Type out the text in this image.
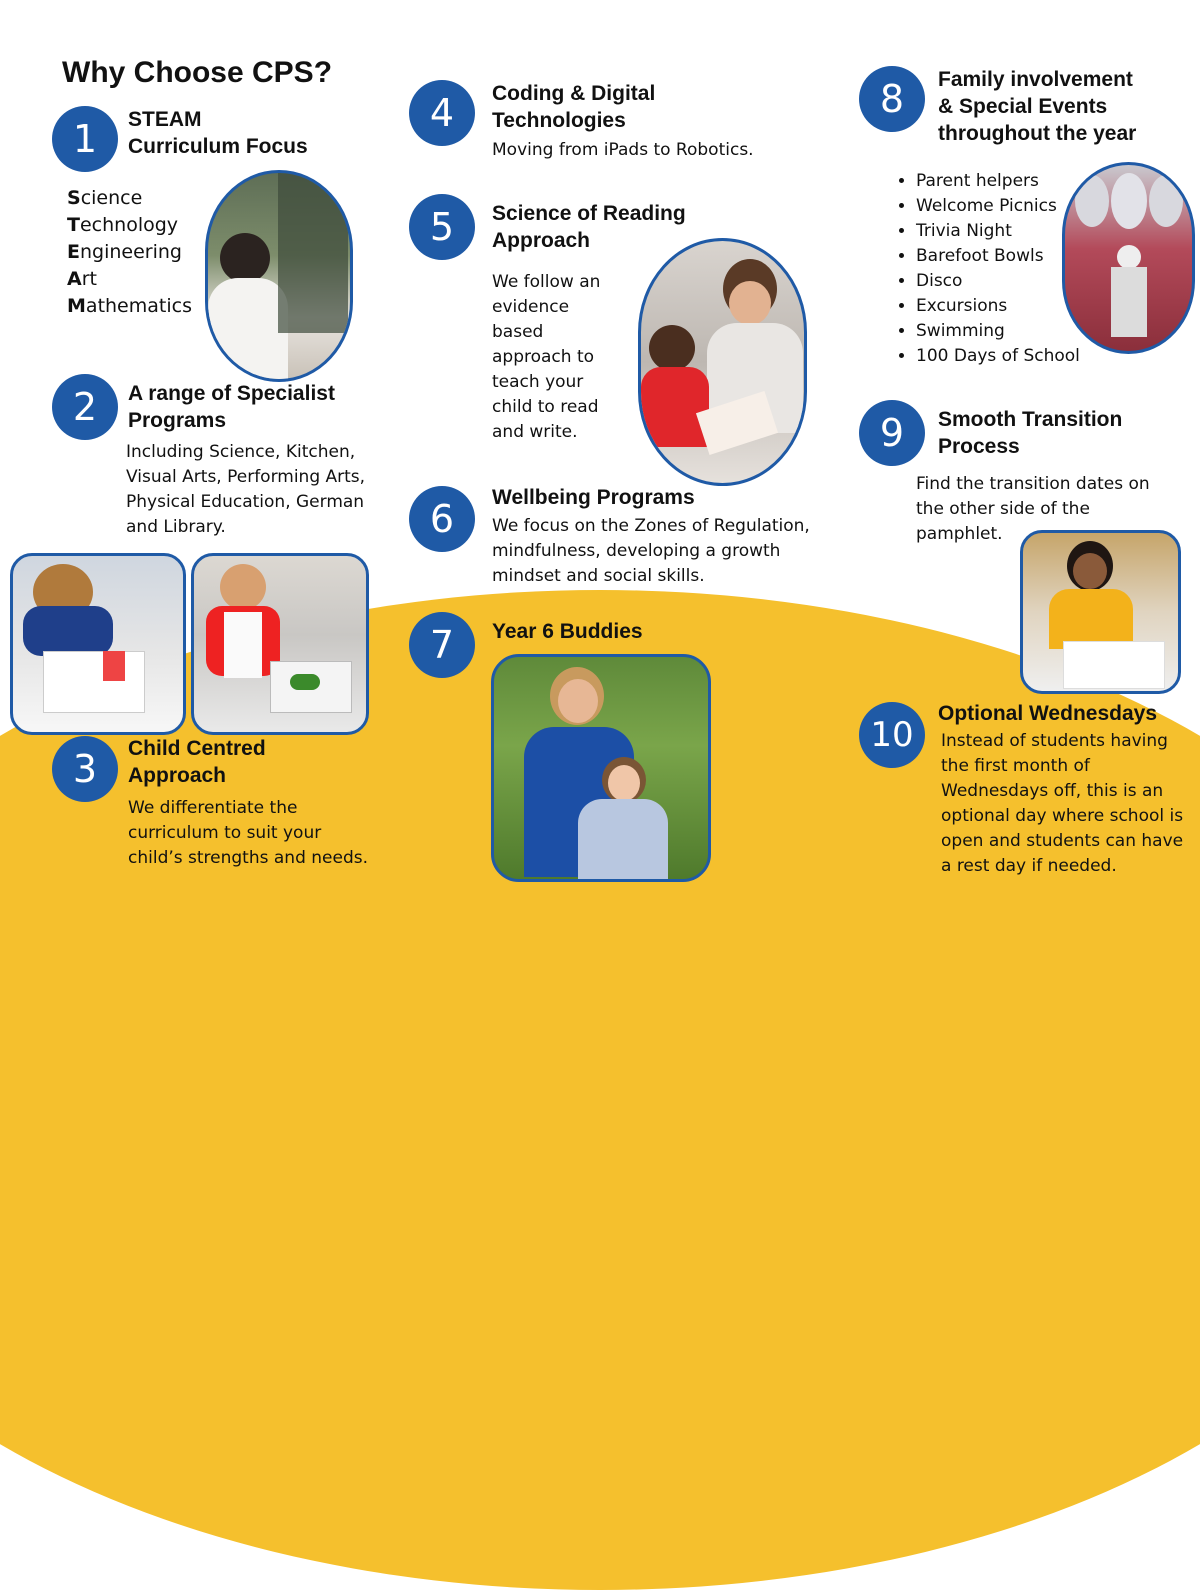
Why Choose CPS?
1	STEAM
Curriculum Focus
Science
Technology
Engineering
Art
Mathematics
2	A range of Specialist
Programs
Including Science, Kitchen,
Visual Arts, Performing Arts,
Physical Education, German
and Library.
3	Child Centred
Approach
We differentiate the
curriculum to suit your
child’s strengths and needs.
4	Coding & Digital
Technologies
Moving from iPads to Robotics.
5	Science of Reading
Approach
We follow an
evidence
based
approach to
teach your
child to read
and write.
6	Wellbeing Programs
We focus on the Zones of Regulation,
mindfulness, developing a growth
mindset and social skills.
7	Year 6 Buddies
8	Family involvement
& Special Events
throughout the year
• Parent helpers
• Welcome Picnics
• Trivia Night
• Barefoot Bowls
• Disco
• Excursions
• Swimming
• 100 Days of School
9	Smooth Transition
Process
Find the transition dates on
the other side of the
pamphlet.
10
Optional Wednesdays
Instead of students having
the first month of
Wednesdays off, this is an
optional day where school is
open and students can have
a rest day if needed.
